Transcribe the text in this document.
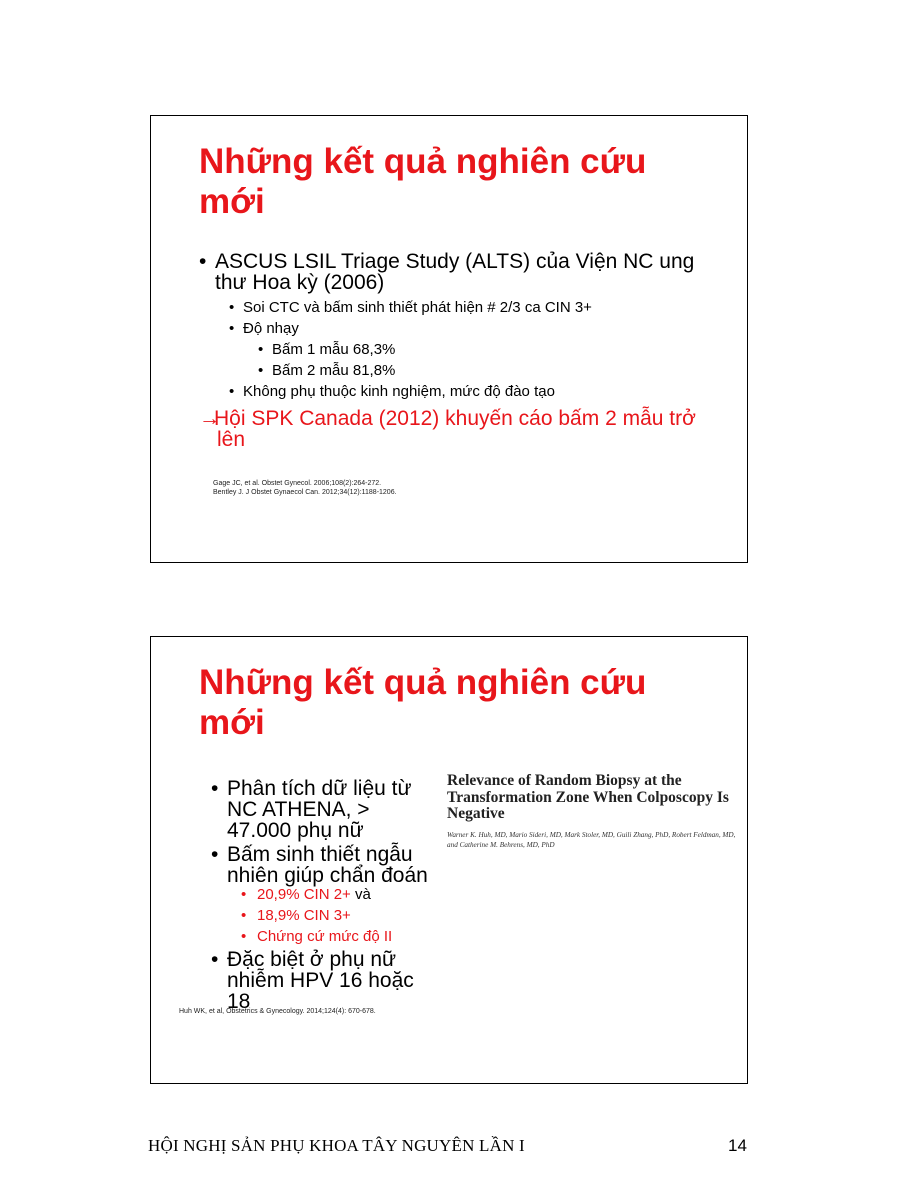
Những kết quả nghiên cứu mới
• ASCUS LSIL Triage Study (ALTS) của Viện NC ung thư Hoa kỳ (2006)
• Soi CTC và bấm sinh thiết phát hiện # 2/3 ca CIN 3+
• Độ nhạy
• Bấm 1 mẫu 68,3%
• Bấm 2 mẫu 81,8%
• Không phụ thuộc kinh nghiệm, mức độ đào tạo
→
Hội SPK Canada (2012) khuyến cáo bấm 2 mẫu trở lên
Gage JC, et al. Obstet Gynecol. 2006;108(2):264-272.
Bentley J. J Obstet Gynaecol Can. 2012;34(12):1188-1206.
Những kết quả nghiên cứu mới
• Phân tích dữ liệu từ NC ATHENA, > 47.000 phụ nữ
• Bấm sinh thiết ngẫu nhiên giúp chẩn đoán
• 20,9% CIN 2+ và
• 18,9% CIN 3+
• Chứng cứ mức độ II
• Đặc biệt ở phụ nữ nhiễm HPV 16 hoặc 18
Huh WK, et al, Obstetrics & Gynecology. 2014;124(4): 670-678.
Relevance of Random Biopsy at the Transformation Zone When Colposcopy Is Negative
Warner K. Huh, MD, Mario Sideri, MD, Mark Stoler, MD, Guili Zhang, PhD, Robert Feldman, MD, and Catherine M. Behrens, MD, PhD
HỘI NGHỊ SẢN PHỤ KHOA TÂY NGUYÊN LẦN I	14
